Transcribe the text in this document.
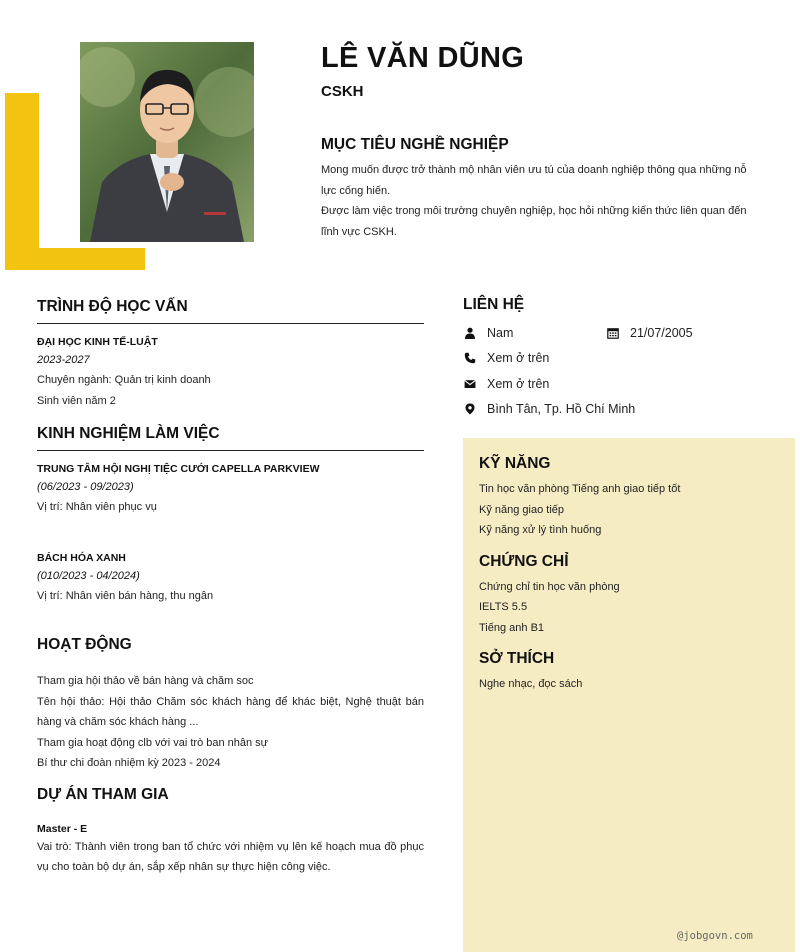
LÊ VĂN DŨNG
CSKH
MỤC TIÊU NGHỀ NGHIỆP

Mong muốn được trở thành mộ nhân viên ưu tú của doanh nghiệp thông qua những nỗ lực cống hiến.

Được làm việc trong môi trường chuyên nghiệp, học hỏi những kiến thức liên quan đến lĩnh vực CSKH.

TRÌNH ĐỘ HỌC VẤN
ĐẠI HỌC KINH TẾ-LUẬT
2023-2027
Chuyên ngành: Quản trị kinh doanh
Sinh viên năm 2
KINH NGHIỆM LÀM VIỆC
TRUNG TÂM HỘI NGHỊ TIỆC CƯỚI CAPELLA PARKVIEW
(06/2023 - 09/2023)
Vị trí: Nhân viên phục vụ
BÁCH HÓA XANH
(010/2023 - 04/2024)
Vị trí: Nhân viên bán hàng, thu ngân
HOẠT ĐỘNG
Tham gia hội thảo về bán hàng và chăm soc
Tên hội thảo: Hội thảo Chăm sóc khách hàng để khác biệt, Nghệ thuật bán hàng và chăm sóc khách hàng ...
Tham gia hoạt động clb với vai trò ban nhân sự
Bí thư chi đoàn nhiệm kỳ 2023 - 2024
DỰ ÁN THAM GIA
Master - E
Vai trò: Thành viên trong ban tổ chức với nhiệm vụ lên kế hoạch mua đồ phục vụ cho toàn bộ dự án, sắp xếp nhân sự thực hiện công việc.
LIÊN HỆ
Nam	21/07/2005
Xem ở trên
Xem ở trên
Bình Tân, Tp. Hồ Chí Minh
KỸ NĂNG
Tin học văn phòng Tiếng anh giao tiếp tốt
Kỹ năng giao tiếp
Kỹ năng xử lý tình huống
CHỨNG CHỈ
Chứng chỉ tin học văn phòng
IELTS 5.5
Tiếng anh B1
SỞ THÍCH
Nghe nhạc, đọc sách
@jobgovn.com
